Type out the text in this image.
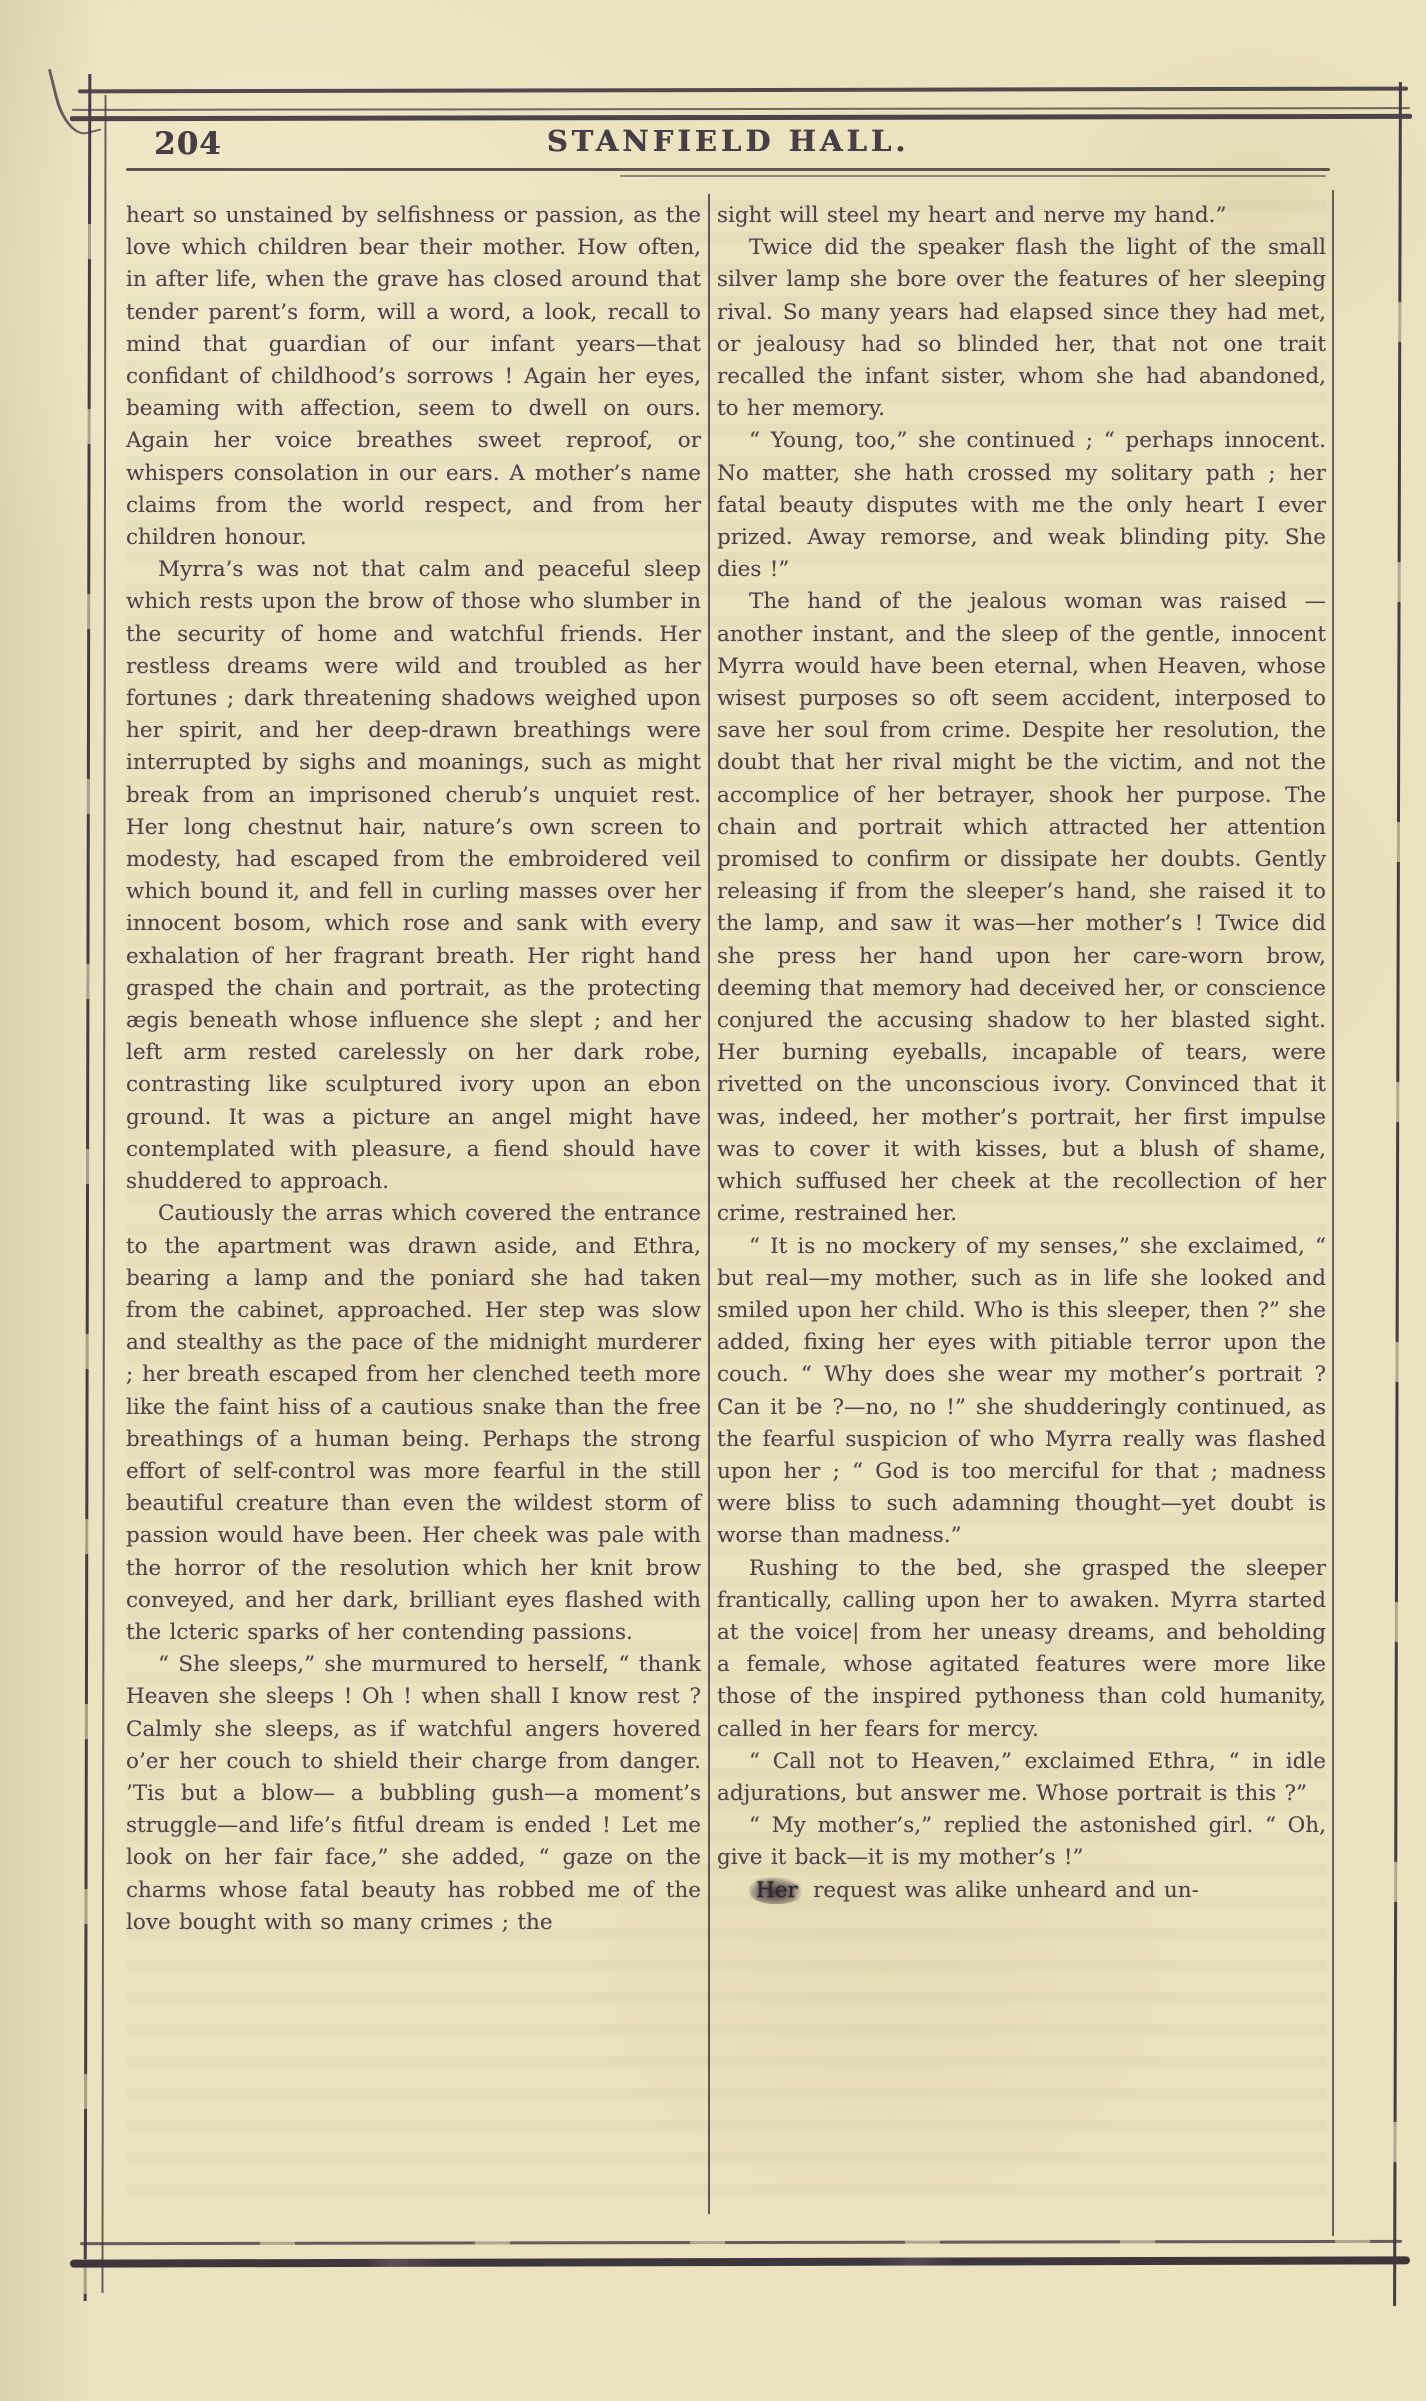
204	STANFIELD HALL.

heart so unstained by selfishness or passion, as the love which children bear their mother. How often, in after life, when the grave has closed around that tender parent’s form, will a word, a look, recall to mind that guardian of our infant years—that confidant of childhood’s sorrows ! Again her eyes, beaming with affection, seem to dwell on ours. Again her voice breathes sweet reproof, or whispers consolation in our ears. A mother’s name claims from the world respect, and from her children honour.

Myrra’s was not that calm and peaceful sleep which rests upon the brow of those who slumber in the security of home and watchful friends. Her restless dreams were wild and troubled as her fortunes ; dark threatening shadows weighed upon her spirit, and her deep-drawn breathings were interrupted by sighs and moanings, such as might break from an imprisoned cherub’s unquiet rest. Her long chestnut hair, nature’s own screen to modesty, had escaped from the embroidered veil which bound it, and fell in curling masses over her innocent bosom, which rose and sank with every exhalation of her fragrant breath. Her right hand grasped the chain and portrait, as the protecting ægis beneath whose influence she slept ; and her left arm rested carelessly on her dark robe, contrasting like sculptured ivory upon an ebon ground. It was a picture an angel might have contemplated with pleasure, a fiend should have shuddered to approach.

Cautiously the arras which covered the entrance to the apartment was drawn aside, and Ethra, bearing a lamp and the poniard she had taken from the cabinet, approached. Her step was slow and stealthy as the pace of the midnight murderer ; her breath escaped from her clenched teeth more like the faint hiss of a cautious snake than the free breathings of a human being. Perhaps the strong effort of self-control was more fearful in the still beautiful creature than even the wildest storm of passion would have been. Her cheek was pale with the horror of the resolution which her knit brow conveyed, and her dark, brilliant eyes flashed with the lcteric sparks of her contending passions.

“ She sleeps,” she murmured to herself, “ thank Heaven she sleeps ! Oh ! when shall I know rest ? Calmly she sleeps, as if watchful angers hovered o’er her couch to shield their charge from danger. ’Tis but a blow— a bubbling gush—a moment’s struggle—and life’s fitful dream is ended ! Let me look on her fair face,” she added, “ gaze on the charms whose fatal beauty has robbed me of the love bought with so many crimes ; the

sight will steel my heart and nerve my hand.”

Twice did the speaker flash the light of the small silver lamp she bore over the features of her sleeping rival. So many years had elapsed since they had met, or jealousy had so blinded her, that not one trait recalled the infant sister, whom she had abandoned, to her memory.

“ Young, too,” she continued ; “ perhaps innocent. No matter, she hath crossed my solitary path ; her fatal beauty disputes with me the only heart I ever prized. Away remorse, and weak blinding pity. She dies !”

The hand of the jealous woman was raised —another instant, and the sleep of the gentle, innocent Myrra would have been eternal, when Heaven, whose wisest purposes so oft seem accident, interposed to save her soul from crime. Despite her resolution, the doubt that her rival might be the victim, and not the accomplice of her betrayer, shook her purpose. The chain and portrait which attracted her attention promised to confirm or dissipate her doubts. Gently releasing if from the sleeper’s hand, she raised it to the lamp, and saw it was—her mother’s ! Twice did she press her hand upon her care-worn brow, deeming that memory had deceived her, or conscience conjured the accusing shadow to her blasted sight. Her burning eyeballs, incapable of tears, were rivetted on the unconscious ivory. Convinced that it was, indeed, her mother’s portrait, her first impulse was to cover it with kisses, but a blush of shame, which suffused her cheek at the recollection of her crime, restrained her.

“ It is no mockery of my senses,” she exclaimed, “ but real—my mother, such as in life she looked and smiled upon her child. Who is this sleeper, then ?” she added, fixing her eyes with pitiable terror upon the couch. “ Why does she wear my mother’s portrait ? Can it be ?—no, no !” she shudderingly continued, as the fearful suspicion of who Myrra really was flashed upon her ; “ God is too merciful for that ; madness were bliss to such adamning thought—yet doubt is worse than madness.”

Rushing to the bed, she grasped the sleeper frantically, calling upon her to awaken. Myrra started at the voice| from her uneasy dreams, and beholding a female, whose agitated features were more like those of the inspired pythoness than cold humanity, called in her fears for mercy.

“ Call not to Heaven,” exclaimed Ethra, “ in idle adjurations, but answer me. Whose portrait is this ?”

“ My mother’s,” replied the astonished girl. “ Oh, give it back—it is my mother’s !”

Her request was alike unheard and un-
